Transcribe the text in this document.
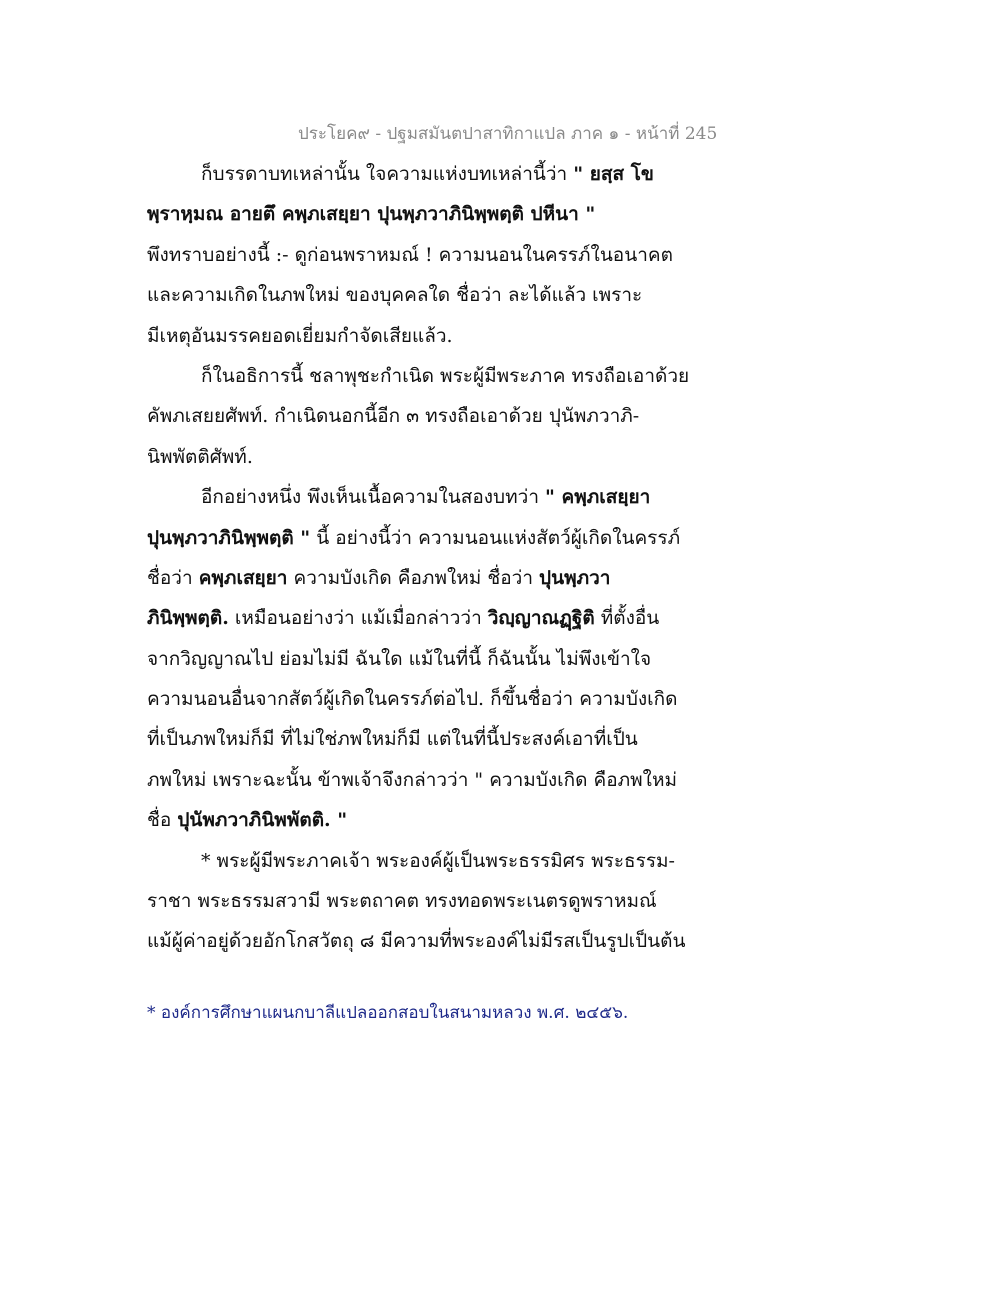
ประโยค๙ - ปฐมสมันตปาสาทิกาแปล ภาค ๑ - หน้าที่ 245
ก็บรรดาบทเหล่านั้น ใจความแห่งบทเหล่านี้ว่า " ยสฺส โข
พฺราหฺมณ อายตึ คพฺภเสยฺยา ปุนพฺภวาภินิพฺพตฺติ ปหีนา "
พึงทราบอย่างนี้ :- ดูก่อนพราหมณ์ ! ความนอนในครรภ์ในอนาคต
และความเกิดในภพใหม่ ของบุคคลใด ชื่อว่า ละได้แล้ว เพราะ
มีเหตุอันมรรคยอดเยี่ยมกำจัดเสียแล้ว.
ก็ในอธิการนี้ ชลาพุชะกำเนิด พระผู้มีพระภาค ทรงถือเอาด้วย
คัพภเสยยศัพท์. กำเนิดนอกนี้อีก ๓ ทรงถือเอาด้วย ปุนัพภวาภิ-
นิพพัตติศัพท์.
อีกอย่างหนึ่ง พึงเห็นเนื้อความในสองบทว่า " คพฺภเสยฺยา
ปุนพฺภวาภินิพฺพตฺติ " นี้ อย่างนี้ว่า ความนอนแห่งสัตว์ผู้เกิดในครรภ์
ชื่อว่า คพฺภเสยฺยา ความบังเกิด คือภพใหม่ ชื่อว่า ปุนพฺภวา
ภินิพฺพตฺติ. เหมือนอย่างว่า แม้เมื่อกล่าวว่า วิญฺญาณฏฺฐิติ ที่ตั้งอื่น
จากวิญญาณไป ย่อมไม่มี ฉันใด แม้ในที่นี้ ก็ฉันนั้น ไม่พึงเข้าใจ
ความนอนอื่นจากสัตว์ผู้เกิดในครรภ์ต่อไป. ก็ขึ้นชื่อว่า ความบังเกิด
ที่เป็นภพใหม่ก็มี ที่ไม่ใช่ภพใหม่ก็มี แต่ในที่นี้ประสงค์เอาที่เป็น
ภพใหม่ เพราะฉะนั้น ข้าพเจ้าจึงกล่าวว่า " ความบังเกิด คือภพใหม่
ชื่อ ปุนัพภวาภินิพพัตติ. "
* พระผู้มีพระภาคเจ้า พระองค์ผู้เป็นพระธรรมิศร พระธรรม-
ราชา พระธรรมสวามี พระตถาคต ทรงทอดพระเนตรดูพราหมณ์
แม้ผู้ค่าอยู่ด้วยอักโกสวัตถุ ๘ มีความที่พระองค์ไม่มีรสเป็นรูปเป็นต้น
* องค์การศึกษาแผนกบาลีแปลออกสอบในสนามหลวง พ.ศ. ๒๔๕๖.
